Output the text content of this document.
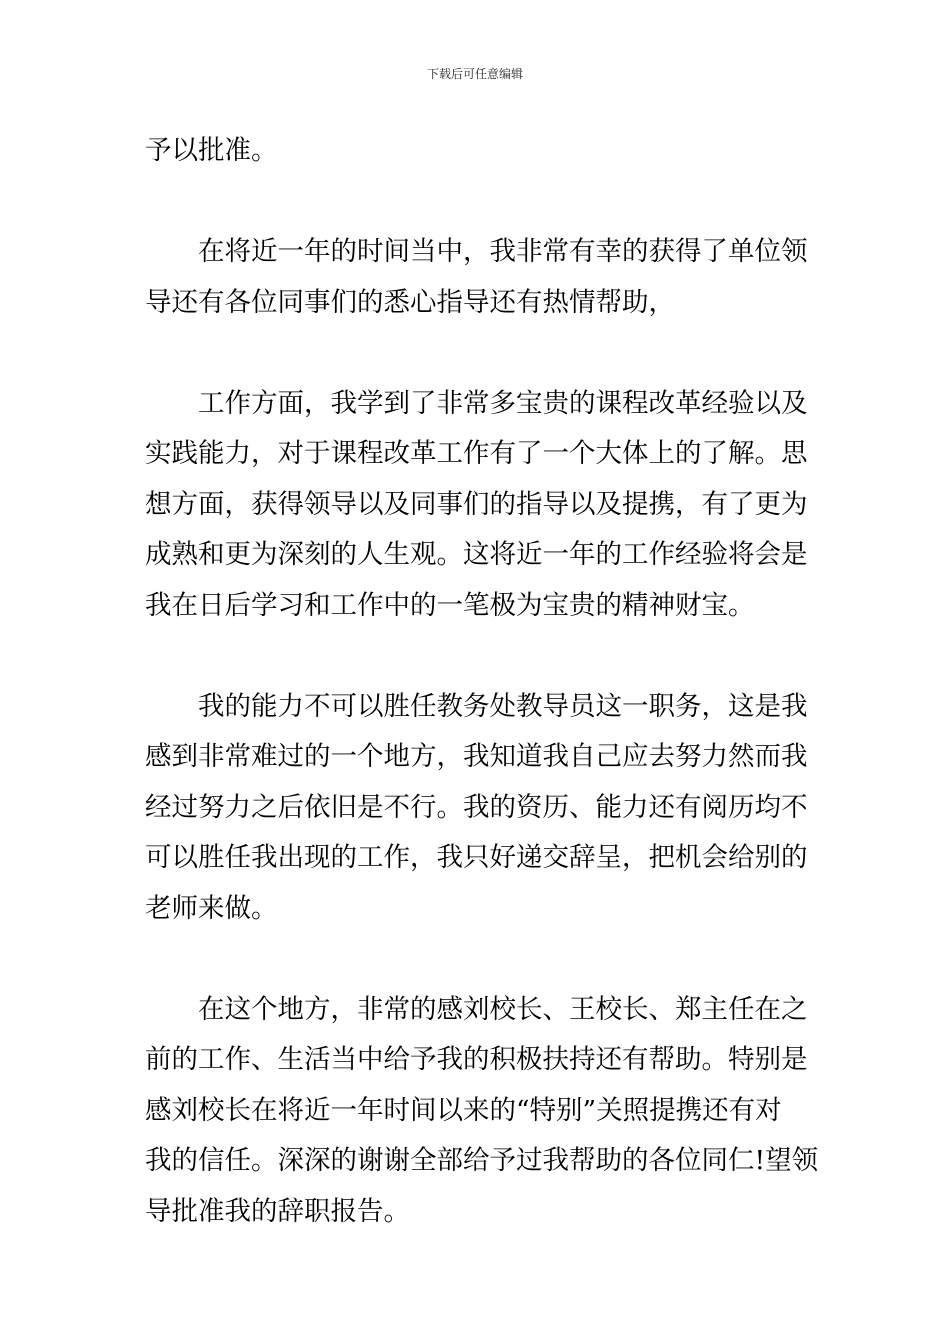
下载后可任意编辑

予以批准。

在将近一年的时间当中，我非常有幸的获得了单位领
导还有各位同事们的悉心指导还有热情帮助，

工作方面，我学到了非常多宝贵的课程改革经验以及
实践能力，对于课程改革工作有了一个大体上的了解。思
想方面，获得领导以及同事们的指导以及提携，有了更为
成熟和更为深刻的人生观。这将近一年的工作经验将会是
我在日后学习和工作中的一笔极为宝贵的精神财宝。

我的能力不可以胜任教务处教导员这一职务，这是我
感到非常难过的一个地方，我知道我自己应去努力然而我
经过努力之后依旧是不行。我的资历、能力还有阅历均不
可以胜任我出现的工作，我只好递交辞呈，把机会给别的
老师来做。

在这个地方，非常的感刘校长、王校长、郑主任在之
前的工作、生活当中给予我的积极扶持还有帮助。特别是
感刘校长在将近一年时间以来的“特别”关照提携还有对
我的信任。深深的谢谢全部给予过我帮助的各位同仁!望领
导批准我的辞职报告。
